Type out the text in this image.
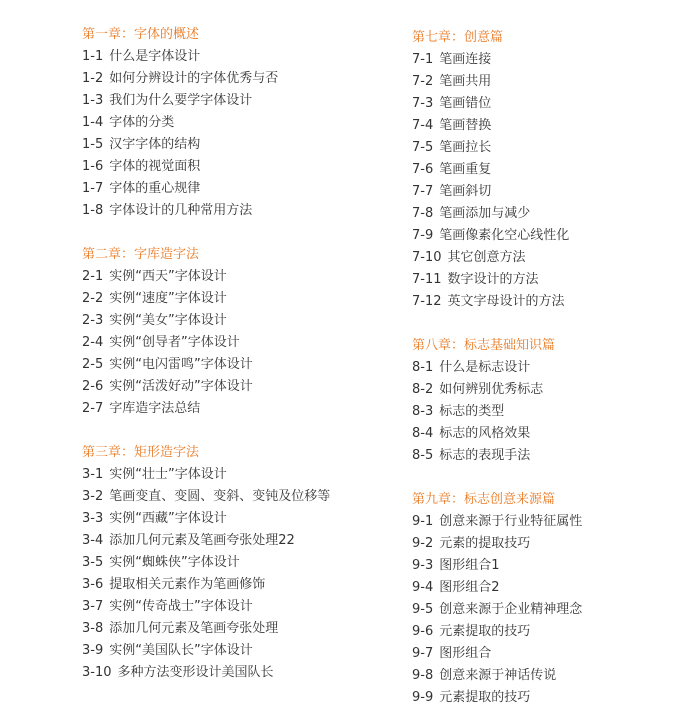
第一章：字体的概述
1-1 什么是字体设计
1-2 如何分辨设计的字体优秀与否
1-3 我们为什么要学字体设计
1-4 字体的分类
1-5 汉字字体的结构
1-6 字体的视觉面积
1-7 字体的重心规律
1-8 字体设计的几种常用方法
第二章：字库造字法
2-1 实例“西天”字体设计
2-2 实例“速度”字体设计
2-3 实例“美女”字体设计
2-4 实例“创导者”字体设计
2-5 实例“电闪雷鸣”字体设计
2-6 实例“活泼好动”字体设计
2-7 字库造字法总结
第三章：矩形造字法
3-1 实例“壮士”字体设计
3-2 笔画变直、变圆、变斜、变钝及位移等
3-3 实例“西藏”字体设计
3-4 添加几何元素及笔画夸张处理22
3-5 实例“蜘蛛侠”字体设计
3-6 提取相关元素作为笔画修饰
3-7 实例“传奇战士”字体设计
3-8 添加几何元素及笔画夸张处理
3-9 实例“美国队长”字体设计
3-10 多种方法变形设计美国队长
第七章：创意篇
7-1 笔画连接
7-2 笔画共用
7-3 笔画错位
7-4 笔画替换
7-5 笔画拉长
7-6 笔画重复
7-7 笔画斜切
7-8 笔画添加与减少
7-9 笔画像素化空心线性化
7-10 其它创意方法
7-11 数字设计的方法
7-12 英文字母设计的方法
第八章：标志基础知识篇
8-1 什么是标志设计
8-2 如何辨别优秀标志
8-3 标志的类型
8-4 标志的风格效果
8-5 标志的表现手法
第九章：标志创意来源篇
9-1 创意来源于行业特征属性
9-2 元素的提取技巧
9-3 图形组合1
9-4 图形组合2
9-5 创意来源于企业精神理念
9-6 元素提取的技巧
9-7 图形组合
9-8 创意来源于神话传说
9-9 元素提取的技巧
